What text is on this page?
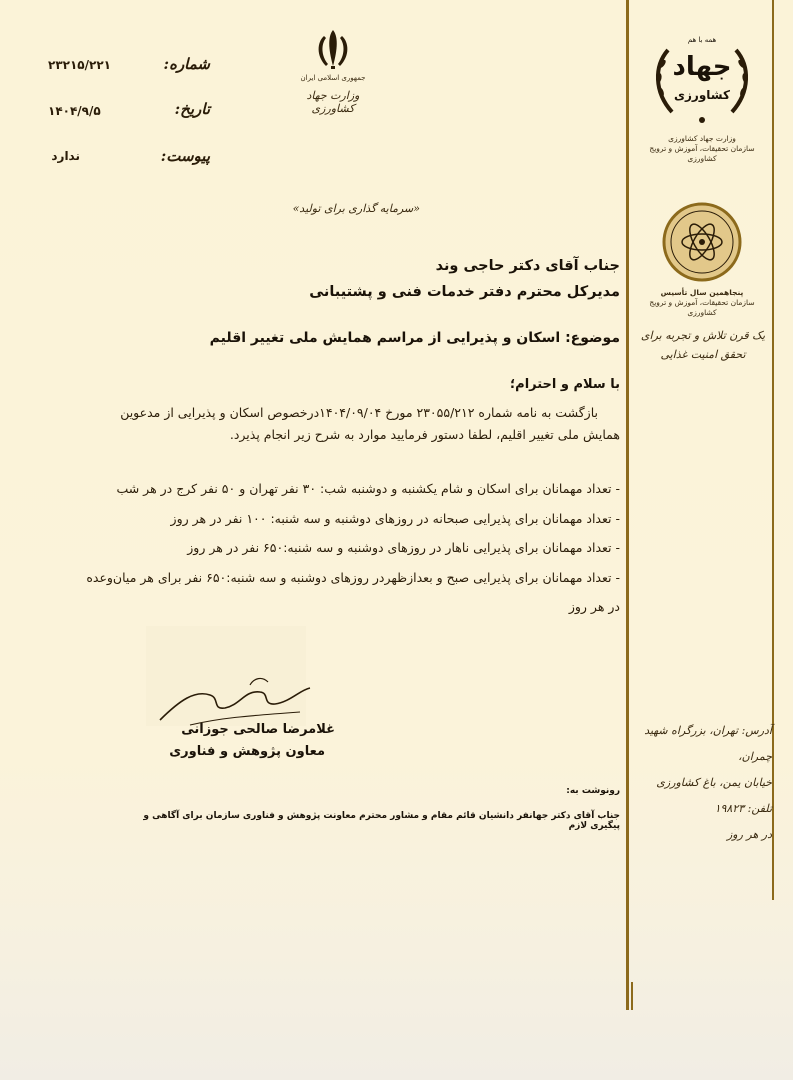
جمهوری اسلامی ایران
وزارت جهاد کشاورزی
شماره:
۲۳۲۱۵/۲۲۱
تاریخ:
۱۴۰۴/۹/۵
پیوست:
ندارد
«سرمایه گذاری برای تولید»
جناب آقای دکتر حاجی وند
مدیرکل محترم دفتر خدمات فنی و پشتیبانی
موضوع: اسکان و پذیرایی از مراسم همایش ملی تغییر اقلیم
با سلام و احترام؛
بازگشت به نامه شماره ۲۳۰۵۵/۲۱۲ مورخ ۱۴۰۴/۰۹/۰۴درخصوص اسکان و پذیرایی از مدعوین
همایش ملی تغییر اقلیم، لطفا دستور فرمایید موارد به شرح زیر انجام پذیرد.
- تعداد مهمانان برای اسکان و شام یکشنبه و دوشنبه شب: ۳۰ نفر تهران و ۵۰ نفر کرج در هر شب
- تعداد مهمانان برای پذیرایی صبحانه در روزهای دوشنبه و سه شنبه: ۱۰۰ نفر در هر روز
- تعداد مهمانان برای پذیرایی ناهار در روزهای دوشنبه و سه شنبه:۶۵۰ نفر در هر روز
- تعداد مهمانان برای پذیرایی صبح و بعدازظهردر روزهای دوشنبه و سه شنبه:۶۵۰ نفر برای هر میان‌وعده
در هر روز
غلامرضا صالحی جوزانی
معاون پژوهش و فناوری
رونوشت به:
جناب آقای دکتر جهانفر دانشیان قائم مقام و مشاور محترم معاونت پژوهش و فناوری سازمان برای آگاهی و پیگیری لازم
همه با هم
جهاد
کشاورزی
وزارت جهاد کشاورزی
سازمان تحقیقات، آموزش و ترویج کشاورزی
پنجاهمین سال تأسیس
سازمان تحقیقات، آموزش و ترویج کشاورزی
یک قرن تلاش و تجربه برای
تحقق امنیت غذایی
آدرس: تهران، بزرگراه شهید چمران،
خیابان یمن، باغ کشاورزی
تلفن: ۱۹۸۲۳
در هر روز
